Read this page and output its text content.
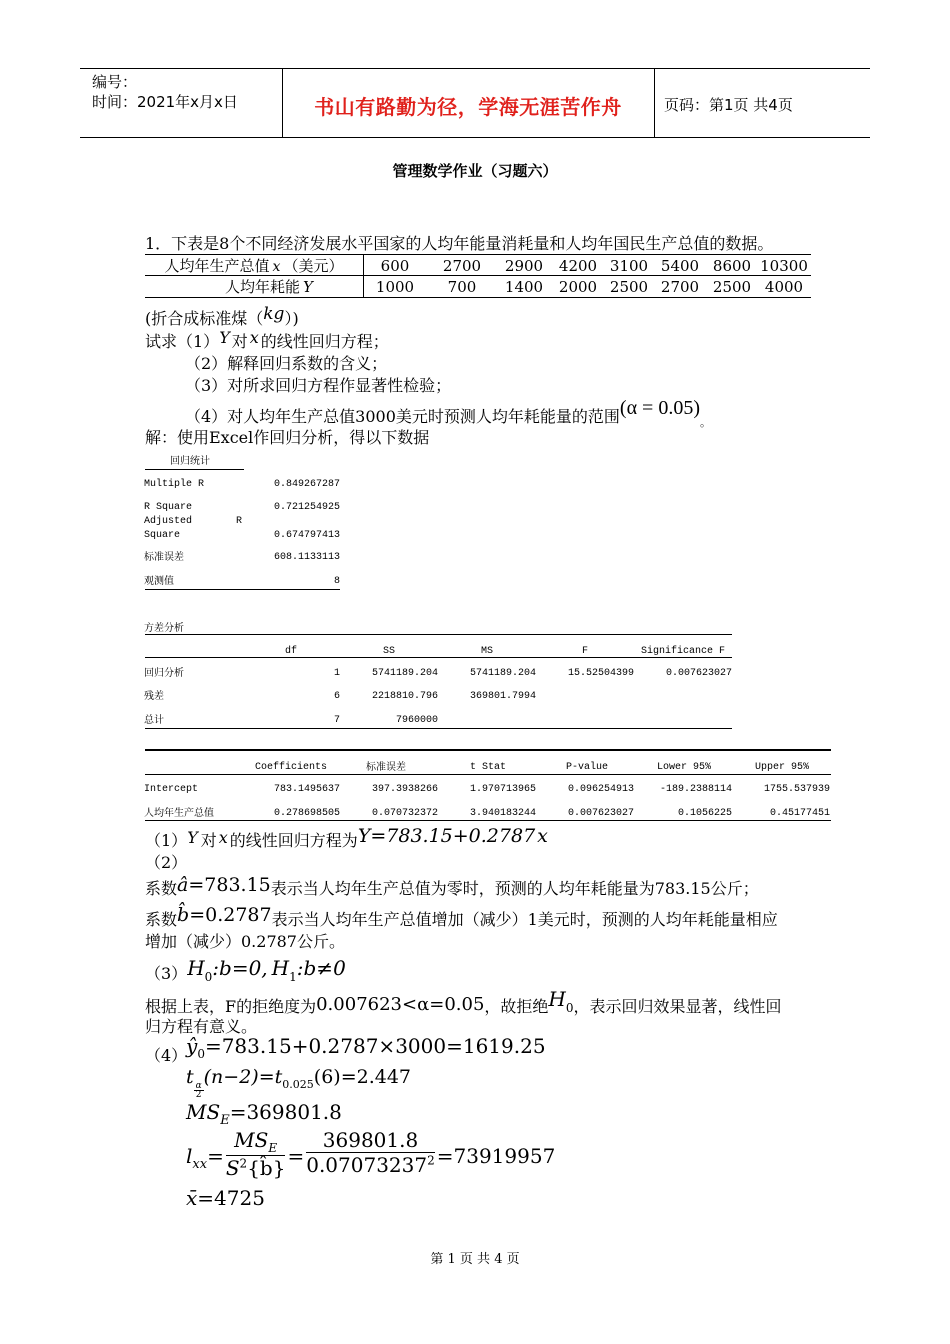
编号：
时间：2021年x月x日	书山有路勤为径，学海无涯苦作舟	页码：第1页 共4页
管理数学作业（习题六）
1．下表是8个不同经济发展水平国家的人均年能量消耗量和人均年国民生产总值的数据。
人均年生产总值 x （美元）	600	2700	2900	4200	3100	5400	8600	10300
人均年耗能 Y	1000	700	1400	2000	2500	2700	2500	4000
(折合成标准煤（kg）)
试求（1）Y 对 x 的线性回归方程；
（2）解释回归系数的含义；
（3）对所求回归方程作显著性检验；
（4）对人均年生产总值3000美元时预测人均年耗能量的范围$(\alpha = 0.05)_。$
解：使用Excel作回归分析，得以下数据
回归统计
Multiple R	0.849267287
R Square	0.721254925
Adjusted	R
Square	0.674797413
标准误差	608.1133113
观测值	8
方差分析
df	SS	MS	F	Significance F
回归分析	1	5741189.204	5741189.204	15.52504399	0.007623027
残差	6	2218810.796	369801.7994
总计	7	7960000
Coefficients	标准误差	t Stat	P-value	Lower 95%	Upper 95%
Intercept	783.1495637	397.3938266	1.970713965	0.096254913	-189.2388114	1755.537939
人均年生产总值	0.278698505	0.070732372	3.940183244	0.007623027	0.1056225	0.45177451
（1）Y 对 x 的线性回归方程为Y=783.15+0.2787 x
（2）
系数â=783.15表示当人均年生产总值为零时，预测的人均年耗能量为783.15公斤；
系数b̂=0.2787表示当人均年生产总值增加（减少）1美元时，预测的人均年耗能量相应
增加（减少）0.2787公斤。
$(3)H_0:b=0$, $H_1:b\ne 0$
根据上表，F的拒绝度为0.007623<α=0.05，故拒绝$H_0$，表示回归效果显著，线性回
归方程有意义。
（4）
$ŷ_0=783.15+0.2787\times 3000=1619.25$
t
$\frac{\alpha}{2}$
$(n-2)=t_{0.025}(6)=2.447$
$MS_E=369801.8$
$l_{xx}=$
$MS_E$
$S^2\{b̂\} = \frac{369801.8}{0.07073237^2} =73919957$
x̄=4725
第 1 页 共 4 页
